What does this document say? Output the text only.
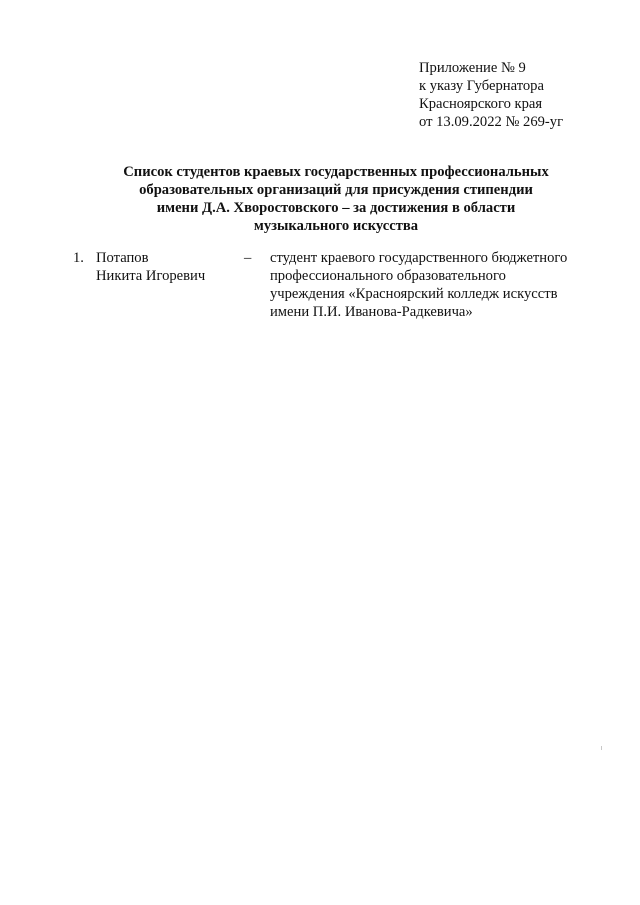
Приложение № 9
к указу Губернатора
Красноярского края
от 13.09.2022 № 269-уг
Список студентов краевых государственных профессиональных
образовательных организаций для присуждения стипендии
имени Д.А. Хворостовского – за достижения в области
музыкального искусства
1. Потапов
Никита Игоревич
– студент краевого государственного бюджетного
профессионального образовательного
учреждения «Красноярский колледж искусств
имени П.И. Иванова-Радкевича»
